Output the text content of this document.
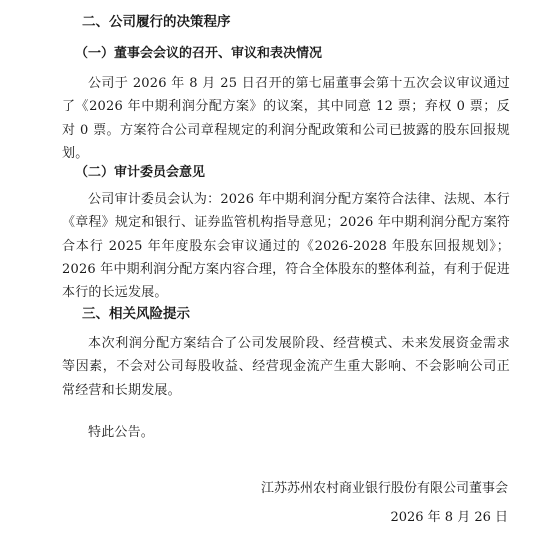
二、公司履行的决策程序
（一）董事会会议的召开、审议和表决情况

公司于 2026 年 8 月 25 日召开的第七届董事会第十五次会议审议通过了《2026 年中期利润分配方案》的议案，其中同意 12 票；弃权 0 票；反对 0 票。方案符合公司章程规定的利润分配政策和公司已披露的股东回报规划。

（二）审计委员会意见

公司审计委员会认为：2026 年中期利润分配方案符合法律、法规、本行《章程》规定和银行、证券监管机构指导意见；2026 年中期利润分配方案符合本行 2025 年年度股东会审议通过的《2026-2028 年股东回报规划》；2026 年中期利润分配方案内容合理，符合全体股东的整体利益，有利于促进本行的长远发展。

三、相关风险提示

本次利润分配方案结合了公司发展阶段、经营模式、未来发展资金需求等因素，不会对公司每股收益、经营现金流产生重大影响、不会影响公司正常经营和长期发展。

特此公告。

江苏苏州农村商业银行股份有限公司董事会

2026 年 8 月 26 日
